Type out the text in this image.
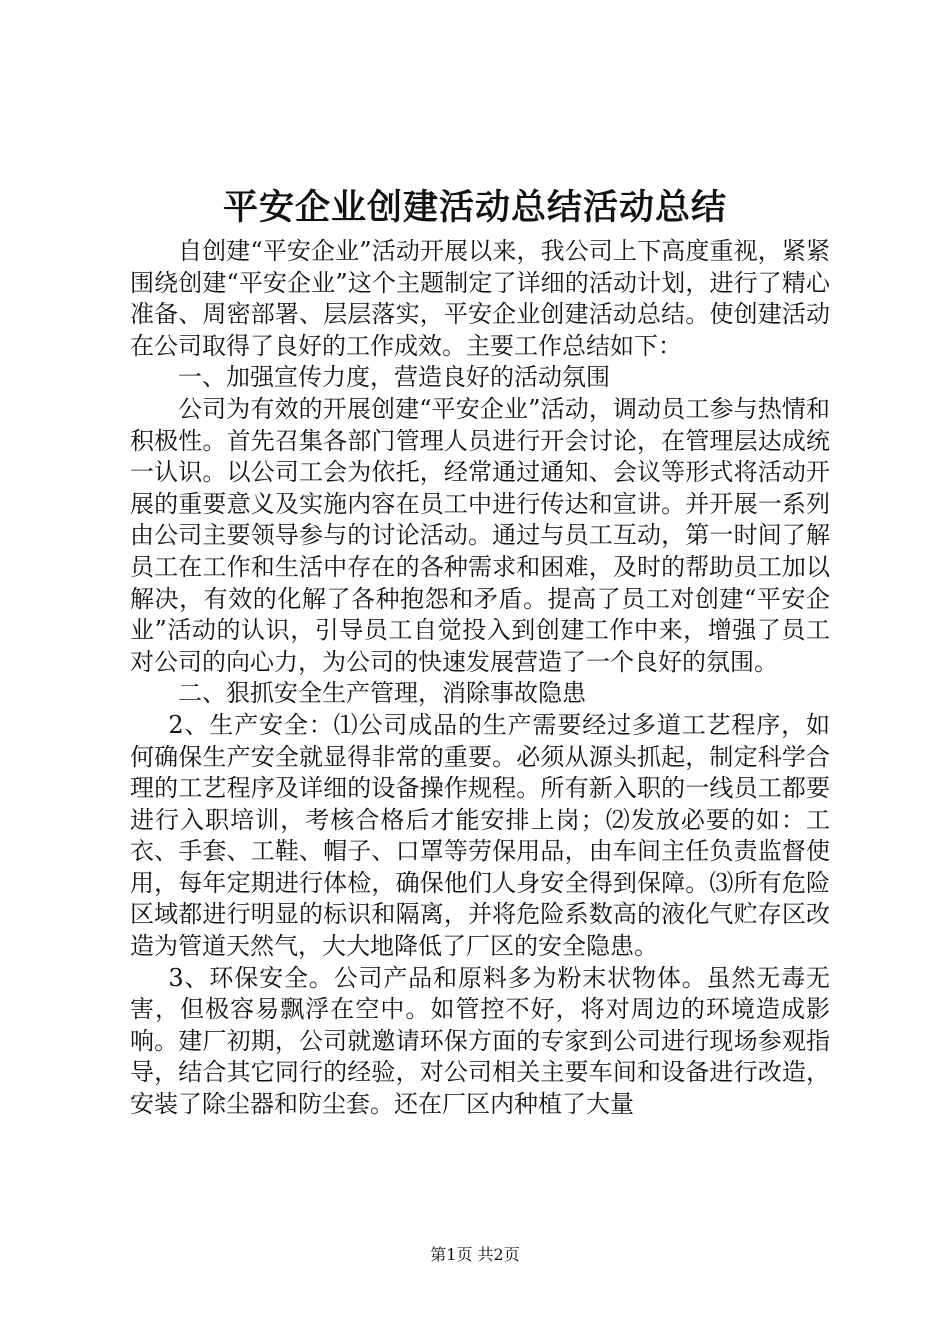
平安企业创建活动总结活动总结

自创建“平安企业”活动开展以来，我公司上下高度重视，紧紧围绕创建“平安企业”这个主题制定了详细的活动计划，进行了精心准备、周密部署、层层落实，平安企业创建活动总结。使创建活动在公司取得了良好的工作成效。主要工作总结如下：

一、加强宣传力度，营造良好的活动氛围

公司为有效的开展创建“平安企业”活动，调动员工参与热情和积极性。首先召集各部门管理人员进行开会讨论，在管理层达成统一认识。以公司工会为依托，经常通过通知、会议等形式将活动开展的重要意义及实施内容在员工中进行传达和宣讲。并开展一系列由公司主要领导参与的讨论活动。通过与员工互动，第一时间了解员工在工作和生活中存在的各种需求和困难，及时的帮助员工加以解决，有效的化解了各种抱怨和矛盾。提高了员工对创建“平安企业”活动的认识，引导员工自觉投入到创建工作中来，增强了员工对公司的向心力，为公司的快速发展营造了一个良好的氛围。

二、狠抓安全生产管理，消除事故隐患

2、生产安全：⑴公司成品的生产需要经过多道工艺程序，如何确保生产安全就显得非常的重要。必须从源头抓起，制定科学合理的工艺程序及详细的设备操作规程。所有新入职的一线员工都要进行入职培训，考核合格后才能安排上岗；⑵发放必要的如：工衣、手套、工鞋、帽子、口罩等劳保用品，由车间主任负责监督使用，每年定期进行体检，确保他们人身安全得到保障。⑶所有危险区域都进行明显的标识和隔离，并将危险系数高的液化气贮存区改造为管道天然气，大大地降低了厂区的安全隐患。

3、环保安全。公司产品和原料多为粉末状物体。虽然无毒无害，但极容易飘浮在空中。如管控不好，将对周边的环境造成影响。建厂初期，公司就邀请环保方面的专家到公司进行现场参观指导，结合其它同行的经验，对公司相关主要车间和设备进行改造，安装了除尘器和防尘套。还在厂区内种植了大量

第1页 共2页
